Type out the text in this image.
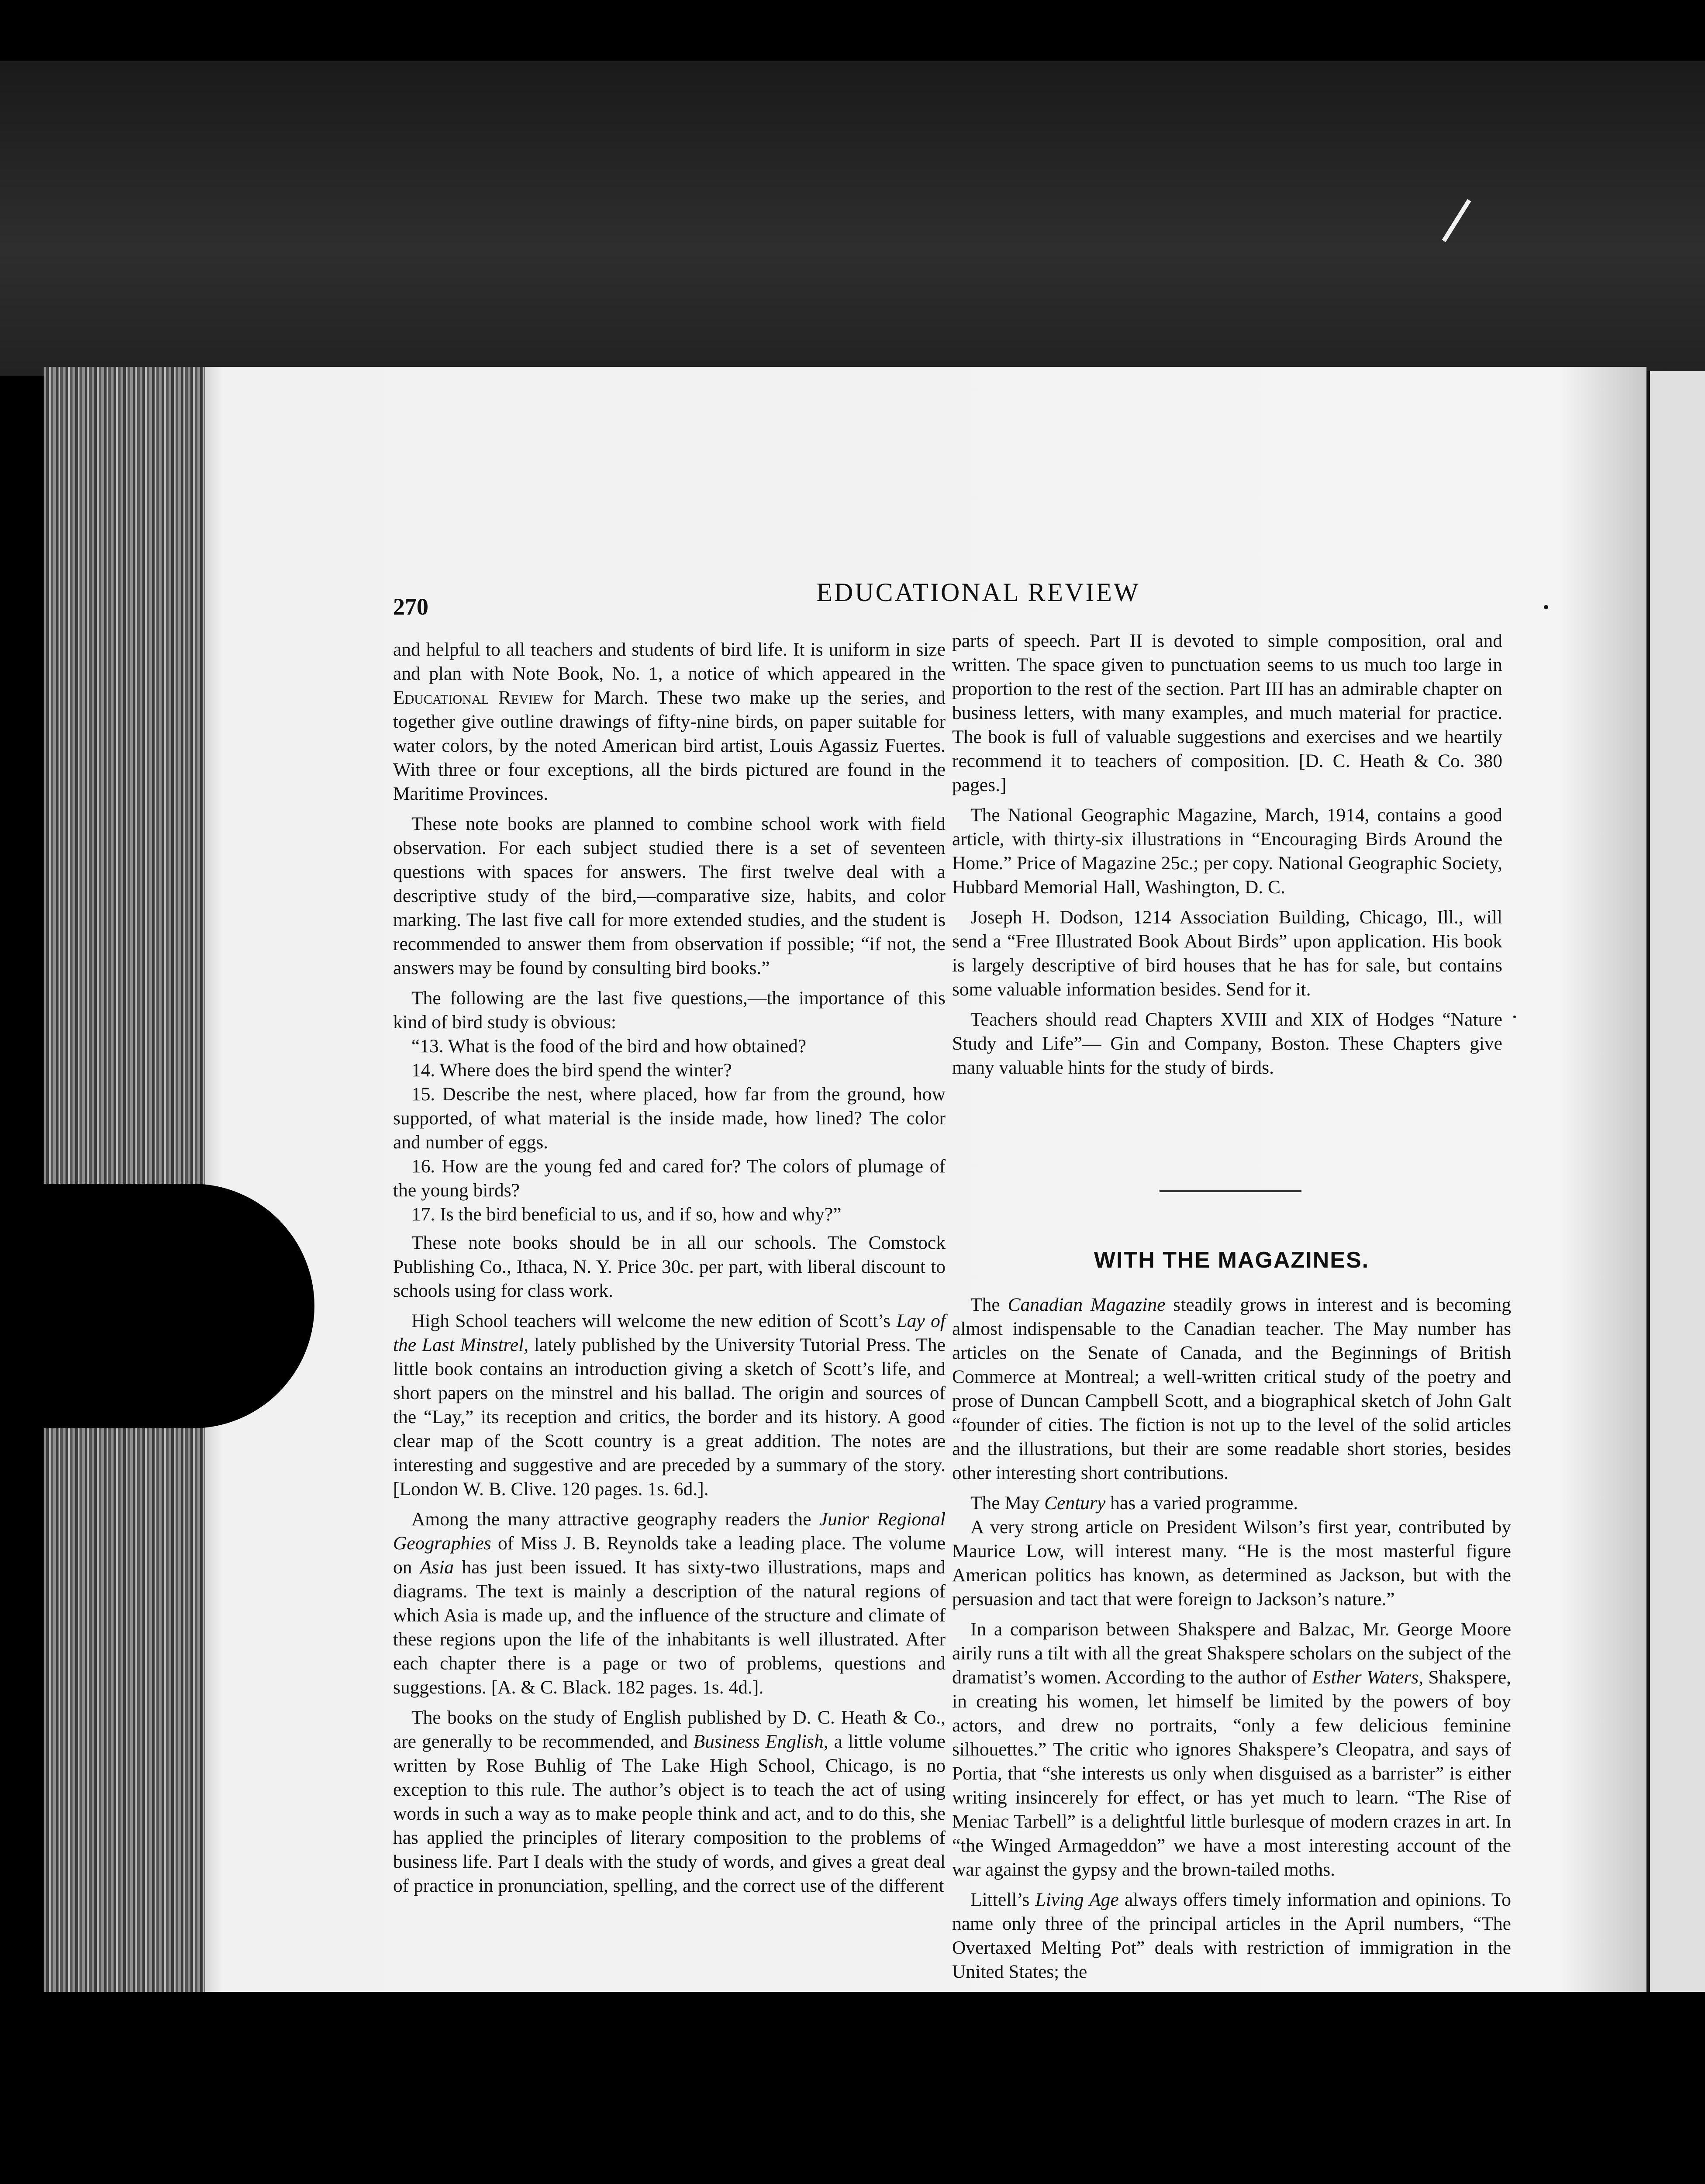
270	EDUCATIONAL REVIEW

and helpful to all teachers and students of bird life. It is uniform in size and plan with Note Book, No. 1, a notice of which appeared in the Educational Review for March. These two make up the series, and together give outline drawings of fifty-nine birds, on paper suitable for water colors, by the noted American bird artist, Louis Agassiz Fuertes. With three or four exceptions, all the birds pictured are found in the Maritime Provinces.

These note books are planned to combine school work with field observation. For each subject studied there is a set of seventeen questions with spaces for answers. The first twelve deal with a descriptive study of the bird,—comparative size, habits, and color marking. The last five call for more extended studies, and the student is recommended to answer them from observation if possible; “if not, the answers may be found by consulting bird books.”

The following are the last five questions,—the importance of this kind of bird study is obvious:

“13. What is the food of the bird and how obtained?

14. Where does the bird spend the winter?

15. Describe the nest, where placed, how far from the ground, how supported, of what material is the inside made, how lined? The color and number of eggs.

16. How are the young fed and cared for? The colors of plumage of the young birds?

17. Is the bird beneficial to us, and if so, how and why?”

These note books should be in all our schools. The Comstock Publishing Co., Ithaca, N. Y. Price 30c. per part, with liberal discount to schools using for class work.

High School teachers will welcome the new edition of Scott’s Lay of the Last Minstrel, lately published by the University Tutorial Press. The little book contains an introduction giving a sketch of Scott’s life, and short papers on the minstrel and his ballad. The origin and sources of the “Lay,” its reception and critics, the border and its history. A good clear map of the Scott country is a great addition. The notes are interesting and suggestive and are preceded by a summary of the story. [London W. B. Clive. 120 pages. 1s. 6d.].

Among the many attractive geography readers the Junior Regional Geographies of Miss J. B. Reynolds take a leading place. The volume on Asia has just been issued. It has sixty-two illustrations, maps and diagrams. The text is mainly a description of the natural regions of which Asia is made up, and the influence of the structure and climate of these regions upon the life of the inhabitants is well illustrated. After each chapter there is a page or two of problems, questions and suggestions. [A. & C. Black. 182 pages. 1s. 4d.].

The books on the study of English published by D. C. Heath & Co., are generally to be recommended, and Business English, a little volume written by Rose Buhlig of The Lake High School, Chicago, is no exception to this rule. The author’s object is to teach the act of using words in such a way as to make people think and act, and to do this, she has applied the principles of literary composition to the problems of business life. Part I deals with the study of words, and gives a great deal of practice in pronunciation, spelling, and the correct use of the different

parts of speech. Part II is devoted to simple composition, oral and written. The space given to punctuation seems to us much too large in proportion to the rest of the section. Part III has an admirable chapter on business letters, with many examples, and much material for practice. The book is full of valuable suggestions and exercises and we heartily recommend it to teachers of composition. [D. C. Heath & Co. 380 pages.]

The National Geographic Magazine, March, 1914, contains a good article, with thirty-six illustrations in “Encouraging Birds Around the Home.” Price of Magazine 25c.; per copy. National Geographic Society, Hubbard Memorial Hall, Washington, D. C.

Joseph H. Dodson, 1214 Association Building, Chicago, Ill., will send a “Free Illustrated Book About Birds” upon application. His book is largely descriptive of bird houses that he has for sale, but contains some valuable information besides. Send for it.

Teachers should read Chapters XVIII and XIX of Hodges “Nature Study and Life”— Gin and Company, Boston. These Chapters give many valuable hints for the study of birds.

WITH THE MAGAZINES.

The Canadian Magazine steadily grows in interest and is becoming almost indispensable to the Canadian teacher. The May number has articles on the Senate of Canada, and the Beginnings of British Commerce at Montreal; a well-written critical study of the poetry and prose of Duncan Campbell Scott, and a biographical sketch of John Galt “founder of cities. The fiction is not up to the level of the solid articles and the illustrations, but their are some readable short stories, besides other interesting short contributions.

The May Century has a varied programme.

A very strong article on President Wilson’s first year, contributed by Maurice Low, will interest many. “He is the most masterful figure American politics has known, as determined as Jackson, but with the persuasion and tact that were foreign to Jackson’s nature.”

In a comparison between Shakspere and Balzac, Mr. George Moore airily runs a tilt with all the great Shakspere scholars on the subject of the dramatist’s women. According to the author of Esther Waters, Shakspere, in creating his women, let himself be limited by the powers of boy actors, and drew no portraits, “only a few delicious feminine silhouettes.” The critic who ignores Shakspere’s Cleopatra, and says of Portia, that “she interests us only when disguised as a barrister” is either writing insincerely for effect, or has yet much to learn. “The Rise of Meniac Tarbell” is a delightful little burlesque of modern crazes in art. In “the Winged Armageddon” we have a most interesting account of the war against the gypsy and the brown-tailed moths.

Littell’s Living Age always offers timely information and opinions. To name only three of the principal articles in the April numbers, “The Overtaxed Melting Pot” deals with restriction of immigration in the United States; the
